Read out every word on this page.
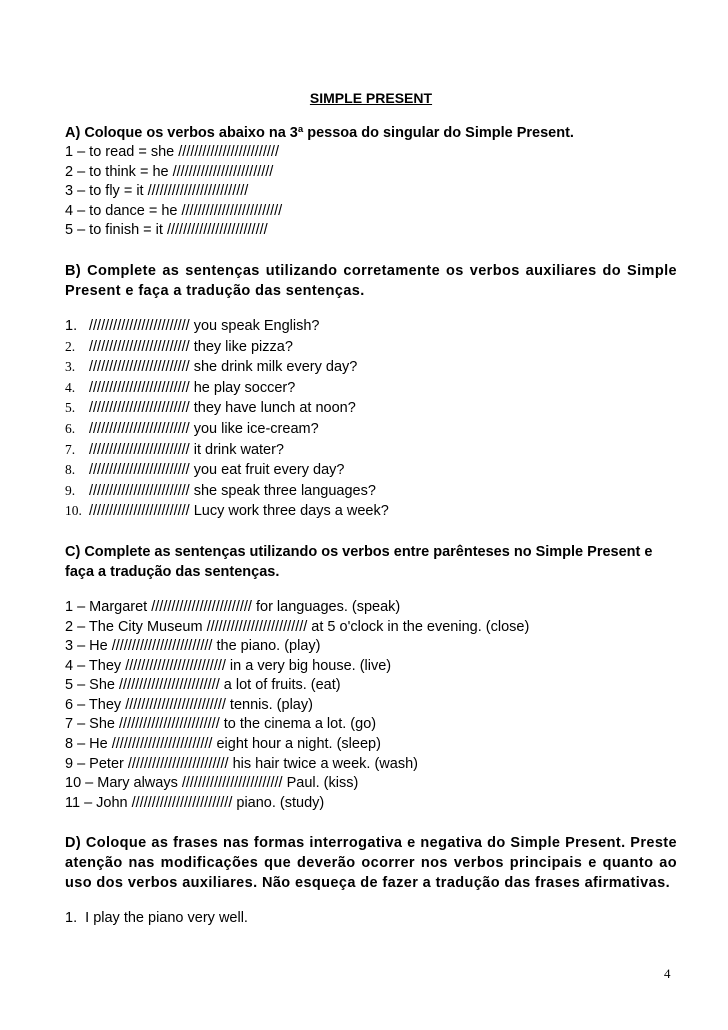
SIMPLE PRESENT

A) Coloque os verbos abaixo na 3ª pessoa do singular do Simple Present.

1 – to read = she /////////////////////////

2 – to think = he /////////////////////////

3 – to fly = it /////////////////////////

4 – to dance = he /////////////////////////

5 – to finish = it /////////////////////////

B) Complete as sentenças utilizando corretamente os verbos auxiliares do Simple Present e faça a tradução das sentenças.

1. ///////////////////////// you speak English?

2. ///////////////////////// they like pizza?

3. ///////////////////////// she drink milk every day?

4. ///////////////////////// he play soccer?

5. ///////////////////////// they have lunch at noon?

6. ///////////////////////// you like ice-cream?

7. ///////////////////////// it drink water?

8. ///////////////////////// you eat fruit every day?

9. ///////////////////////// she speak three languages?

10. ///////////////////////// Lucy work three days a week?

C) Complete as sentenças utilizando os verbos entre parênteses no Simple Present e faça a tradução das sentenças.

1 – Margaret ///////////////////////// for languages. (speak)

2 – The City Museum ///////////////////////// at 5 o'clock in the evening. (close)

3 – He ///////////////////////// the piano. (play)

4 – They ///////////////////////// in a very big house. (live)

5 – She ///////////////////////// a lot of fruits. (eat)

6 – They ///////////////////////// tennis. (play)

7 – She ///////////////////////// to the cinema a lot. (go)

8 – He ///////////////////////// eight hour a night. (sleep)

9 – Peter ///////////////////////// his hair twice a week. (wash)

10 – Mary always ///////////////////////// Paul. (kiss)

11 – John ///////////////////////// piano. (study)

D) Coloque as frases nas formas interrogativa e negativa do Simple Present. Preste atenção nas modificações que deverão ocorrer nos verbos principais e quanto ao uso dos verbos auxiliares. Não esqueça de fazer a tradução das frases afirmativas.

1.  I play the piano very well.

4
